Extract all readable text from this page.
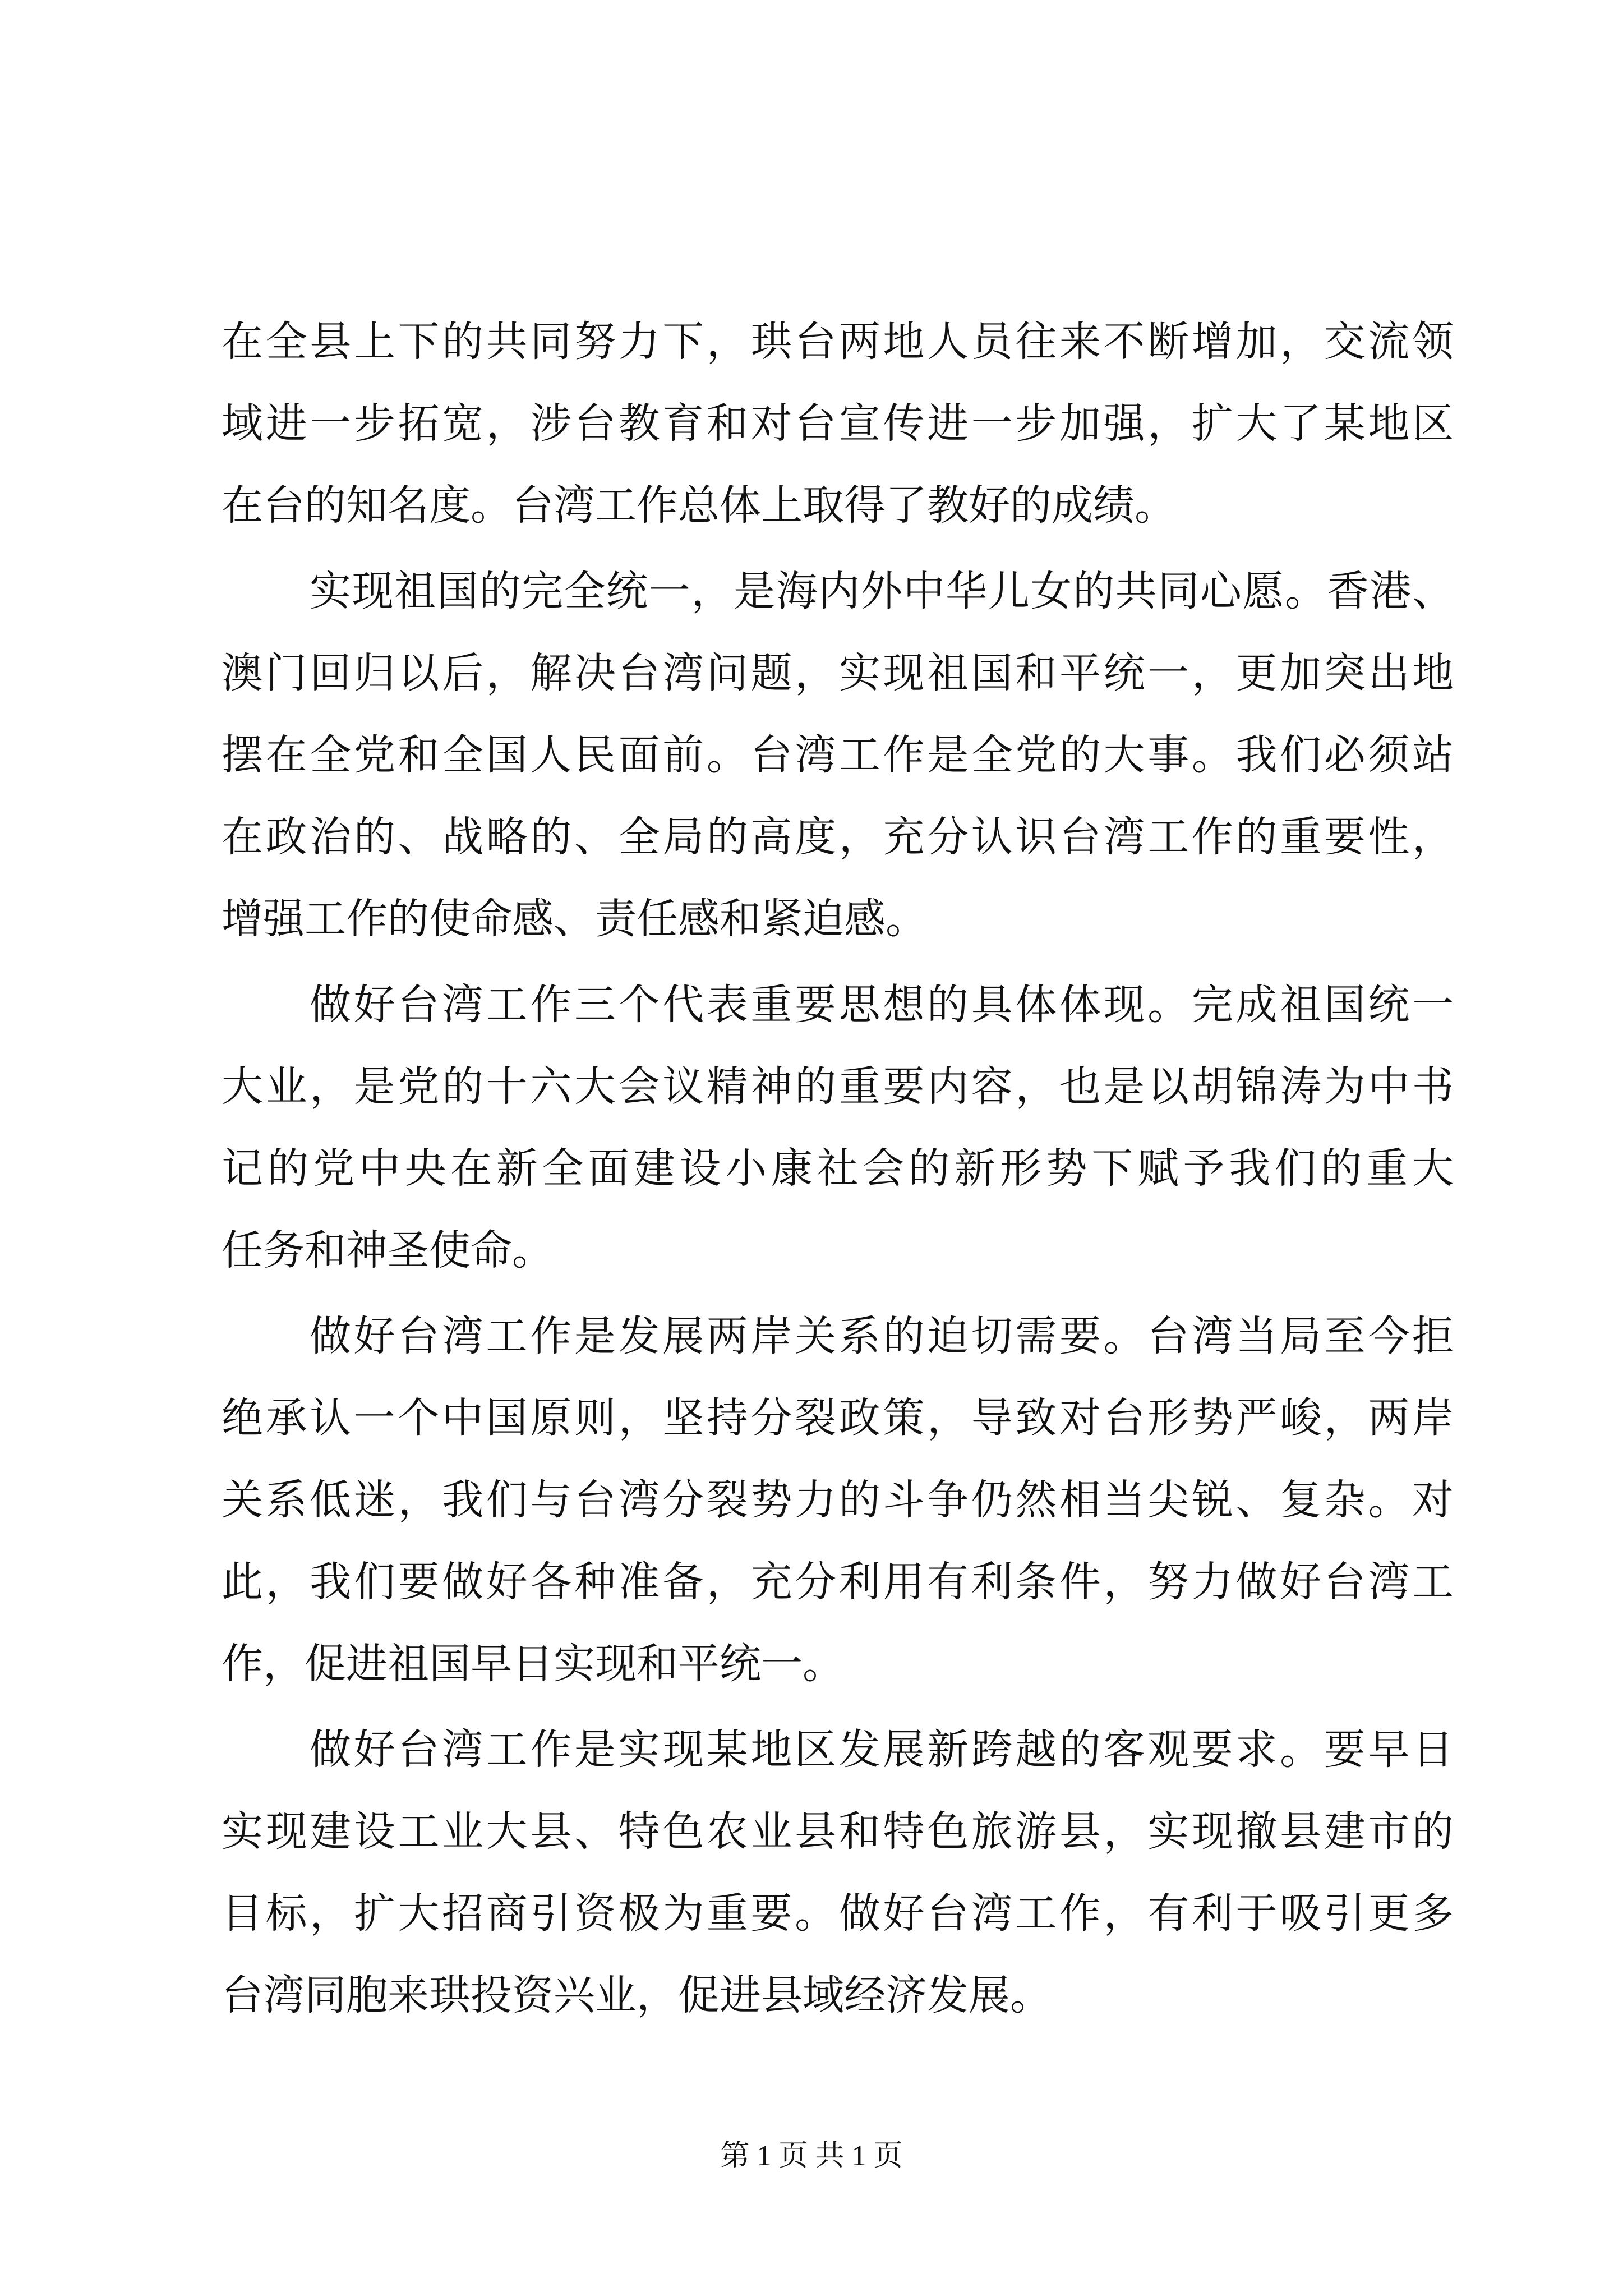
在全县上下的共同努力下，珙台两地人员往来不断增加，交流领
域进一步拓宽，涉台教育和对台宣传进一步加强，扩大了某地区
在台的知名度。台湾工作总体上取得了教好的成绩。
实现祖国的完全统一，是海内外中华儿女的共同心愿。香港、
澳门回归以后，解决台湾问题，实现祖国和平统一，更加突出地
摆在全党和全国人民面前。台湾工作是全党的大事。我们必须站
在政治的、战略的、全局的高度，充分认识台湾工作的重要性，
增强工作的使命感、责任感和紧迫感。
做好台湾工作三个代表重要思想的具体体现。完成祖国统一
大业，是党的十六大会议精神的重要内容，也是以胡锦涛为中书
记的党中央在新全面建设小康社会的新形势下赋予我们的重大
任务和神圣使命。
做好台湾工作是发展两岸关系的迫切需要。台湾当局至今拒
绝承认一个中国原则，坚持分裂政策，导致对台形势严峻，两岸
关系低迷，我们与台湾分裂势力的斗争仍然相当尖锐、复杂。对
此，我们要做好各种准备，充分利用有利条件，努力做好台湾工
作，促进祖国早日实现和平统一。
做好台湾工作是实现某地区发展新跨越的客观要求。要早日
实现建设工业大县、特色农业县和特色旅游县，实现撤县建市的
目标，扩大招商引资极为重要。做好台湾工作，有利于吸引更多
台湾同胞来珙投资兴业，促进县域经济发展。
第 1 页 共 1 页
